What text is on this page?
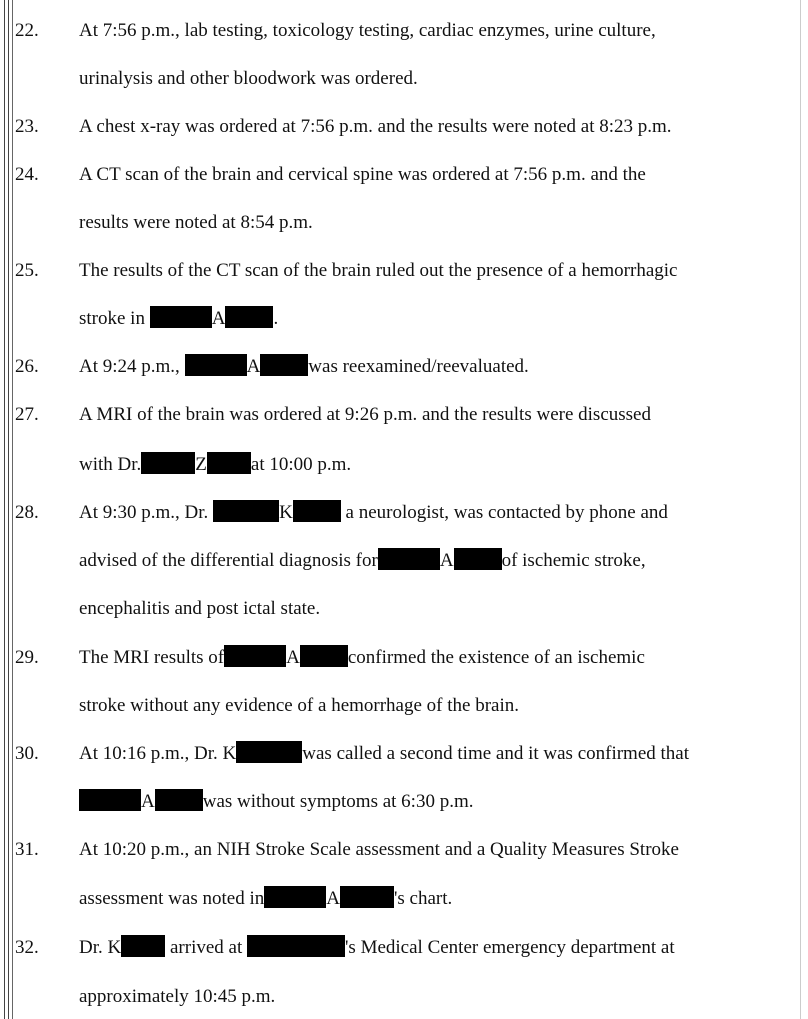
22. At 7:56 p.m., lab testing, toxicology testing, cardiac enzymes, urine culture,
urinalysis and other bloodwork was ordered.
23. A chest x-ray was ordered at 7:56 p.m. and the results were noted at 8:23 p.m.
24. A CT scan of the brain and cervical spine was ordered at 7:56 p.m. and the
results were noted at 8:54 p.m.
25. The results of the CT scan of the brain ruled out the presence of a hemorrhagic
stroke in	A	.
26. At 9:24 p.m.,	A	was reexamined/reevaluated.
27. A MRI of the brain was ordered at 9:26 p.m. and the results were discussed
with Dr.	Z at 10:00 p.m.
28. At 9:30 p.m., Dr.	K	a neurologist, was contacted by phone and
advised of the differential diagnosis for	A	of ischemic stroke,
encephalitis and post ictal state.
29. The MRI results of	A	confirmed the existence of an ischemic
stroke without any evidence of a hemorrhage of the brain.
30. At 10:16 p.m., Dr. K	was called a second time and it was confirmed that
A	was without symptoms at 6:30 p.m.
31. At 10:20 p.m., an NIH Stroke Scale assessment and a Quality Measures Stroke
assessment was noted in	A	's chart.
32. Dr. K arrived at	's Medical Center emergency department at
approximately 10:45 p.m.
